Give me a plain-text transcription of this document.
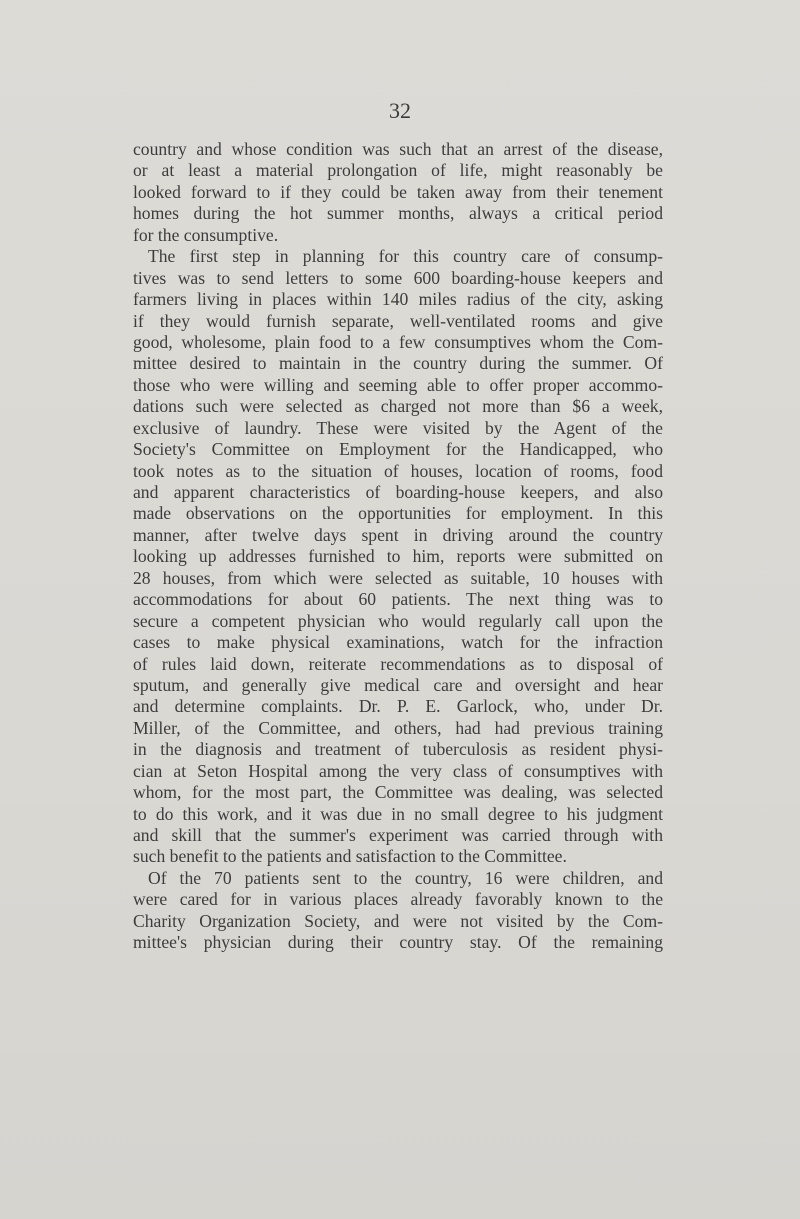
32
country and whose condition was such that an arrest of the disease,
or at least a material prolongation of life, might reasonably be
looked forward to if they could be taken away from their tenement
homes during the hot summer months, always a critical period
for the consumptive.
The first step in planning for this country care of consump-
tives was to send letters to some 600 boarding-house keepers and
farmers living in places within 140 miles radius of the city, asking
if they would furnish separate, well-ventilated rooms and give
good, wholesome, plain food to a few consumptives whom the Com-
mittee desired to maintain in the country during the summer. Of
those who were willing and seeming able to offer proper accommo-
dations such were selected as charged not more than $6 a week,
exclusive of laundry. These were visited by the Agent of the
Society's Committee on Employment for the Handicapped, who
took notes as to the situation of houses, location of rooms, food
and apparent characteristics of boarding-house keepers, and also
made observations on the opportunities for employment. In this
manner, after twelve days spent in driving around the country
looking up addresses furnished to him, reports were submitted on
28 houses, from which were selected as suitable, 10 houses with
accommodations for about 60 patients. The next thing was to
secure a competent physician who would regularly call upon the
cases to make physical examinations, watch for the infraction
of rules laid down, reiterate recommendations as to disposal of
sputum, and generally give medical care and oversight and hear
and determine complaints. Dr. P. E. Garlock, who, under Dr.
Miller, of the Committee, and others, had had previous training
in the diagnosis and treatment of tuberculosis as resident physi-
cian at Seton Hospital among the very class of consumptives with
whom, for the most part, the Committee was dealing, was selected
to do this work, and it was due in no small degree to his judgment
and skill that the summer's experiment was carried through with
such benefit to the patients and satisfaction to the Committee.
Of the 70 patients sent to the country, 16 were children, and
were cared for in various places already favorably known to the
Charity Organization Society, and were not visited by the Com-
mittee's physician during their country stay. Of the remaining
